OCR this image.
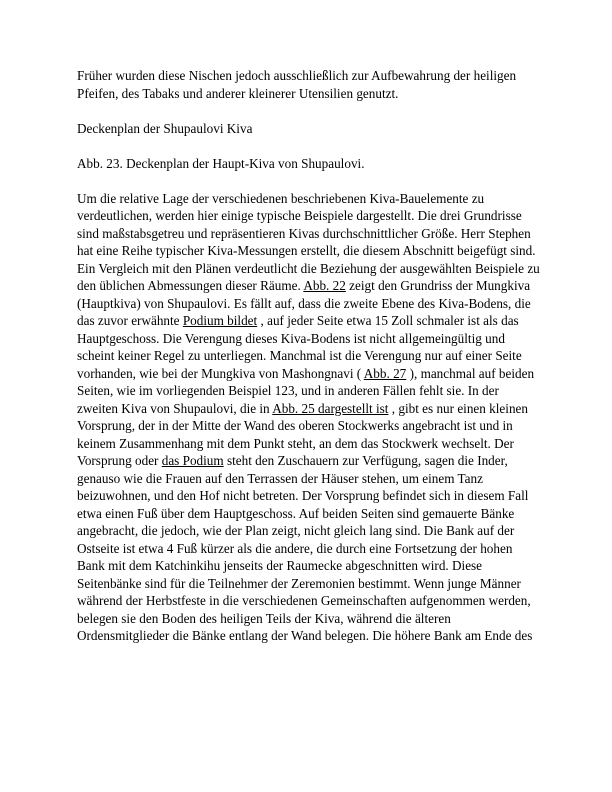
Früher wurden diese Nischen jedoch ausschließlich zur Aufbewahrung der heiligen Pfeifen, des Tabaks und anderer kleinerer Utensilien genutzt.

Deckenplan der Shupaulovi Kiva

Abb. 23. Deckenplan der Haupt-Kiva von Shupaulovi.

Um die relative Lage der verschiedenen beschriebenen Kiva-Bauelemente zu verdeutlichen, werden hier einige typische Beispiele dargestellt. Die drei Grundrisse sind maßstabsgetreu und repräsentieren Kivas durchschnittlicher Größe. Herr Stephen hat eine Reihe typischer Kiva-Messungen erstellt, die diesem Abschnitt beigefügt sind. Ein Vergleich mit den Plänen verdeutlicht die Beziehung der ausgewählten Beispiele zu den üblichen Abmessungen dieser Räume. Abb. 22 zeigt den Grundriss der Mungkiva (Hauptkiva) von Shupaulovi. Es fällt auf, dass die zweite Ebene des Kiva-Bodens, die das zuvor erwähnte Podium bildet , auf jeder Seite etwa 15 Zoll schmaler ist als das Hauptgeschoss. Die Verengung dieses Kiva-Bodens ist nicht allgemeingültig und scheint keiner Regel zu unterliegen. Manchmal ist die Verengung nur auf einer Seite vorhanden, wie bei der Mungkiva von Mashongnavi ( Abb. 27 ), manchmal auf beiden Seiten, wie im vorliegenden Beispiel 123, und in anderen Fällen fehlt sie. In der zweiten Kiva von Shupaulovi, die in Abb. 25 dargestellt ist , gibt es nur einen kleinen Vorsprung, der in der Mitte der Wand des oberen Stockwerks angebracht ist und in keinem Zusammenhang mit dem Punkt steht, an dem das Stockwerk wechselt. Der Vorsprung oder das Podium steht den Zuschauern zur Verfügung, sagen die Inder, genauso wie die Frauen auf den Terrassen der Häuser stehen, um einem Tanz beizuwohnen, und den Hof nicht betreten. Der Vorsprung befindet sich in diesem Fall etwa einen Fuß über dem Hauptgeschoss. Auf beiden Seiten sind gemauerte Bänke angebracht, die jedoch, wie der Plan zeigt, nicht gleich lang sind. Die Bank auf der Ostseite ist etwa 4 Fuß kürzer als die andere, die durch eine Fortsetzung der hohen Bank mit dem Katchinkihu jenseits der Raumecke abgeschnitten wird. Diese Seitenbänke sind für die Teilnehmer der Zeremonien bestimmt. Wenn junge Männer während der Herbstfeste in die verschiedenen Gemeinschaften aufgenommen werden, belegen sie den Boden des heiligen Teils der Kiva, während die älteren Ordensmitglieder die Bänke entlang der Wand belegen. Die höhere Bank am Ende des
